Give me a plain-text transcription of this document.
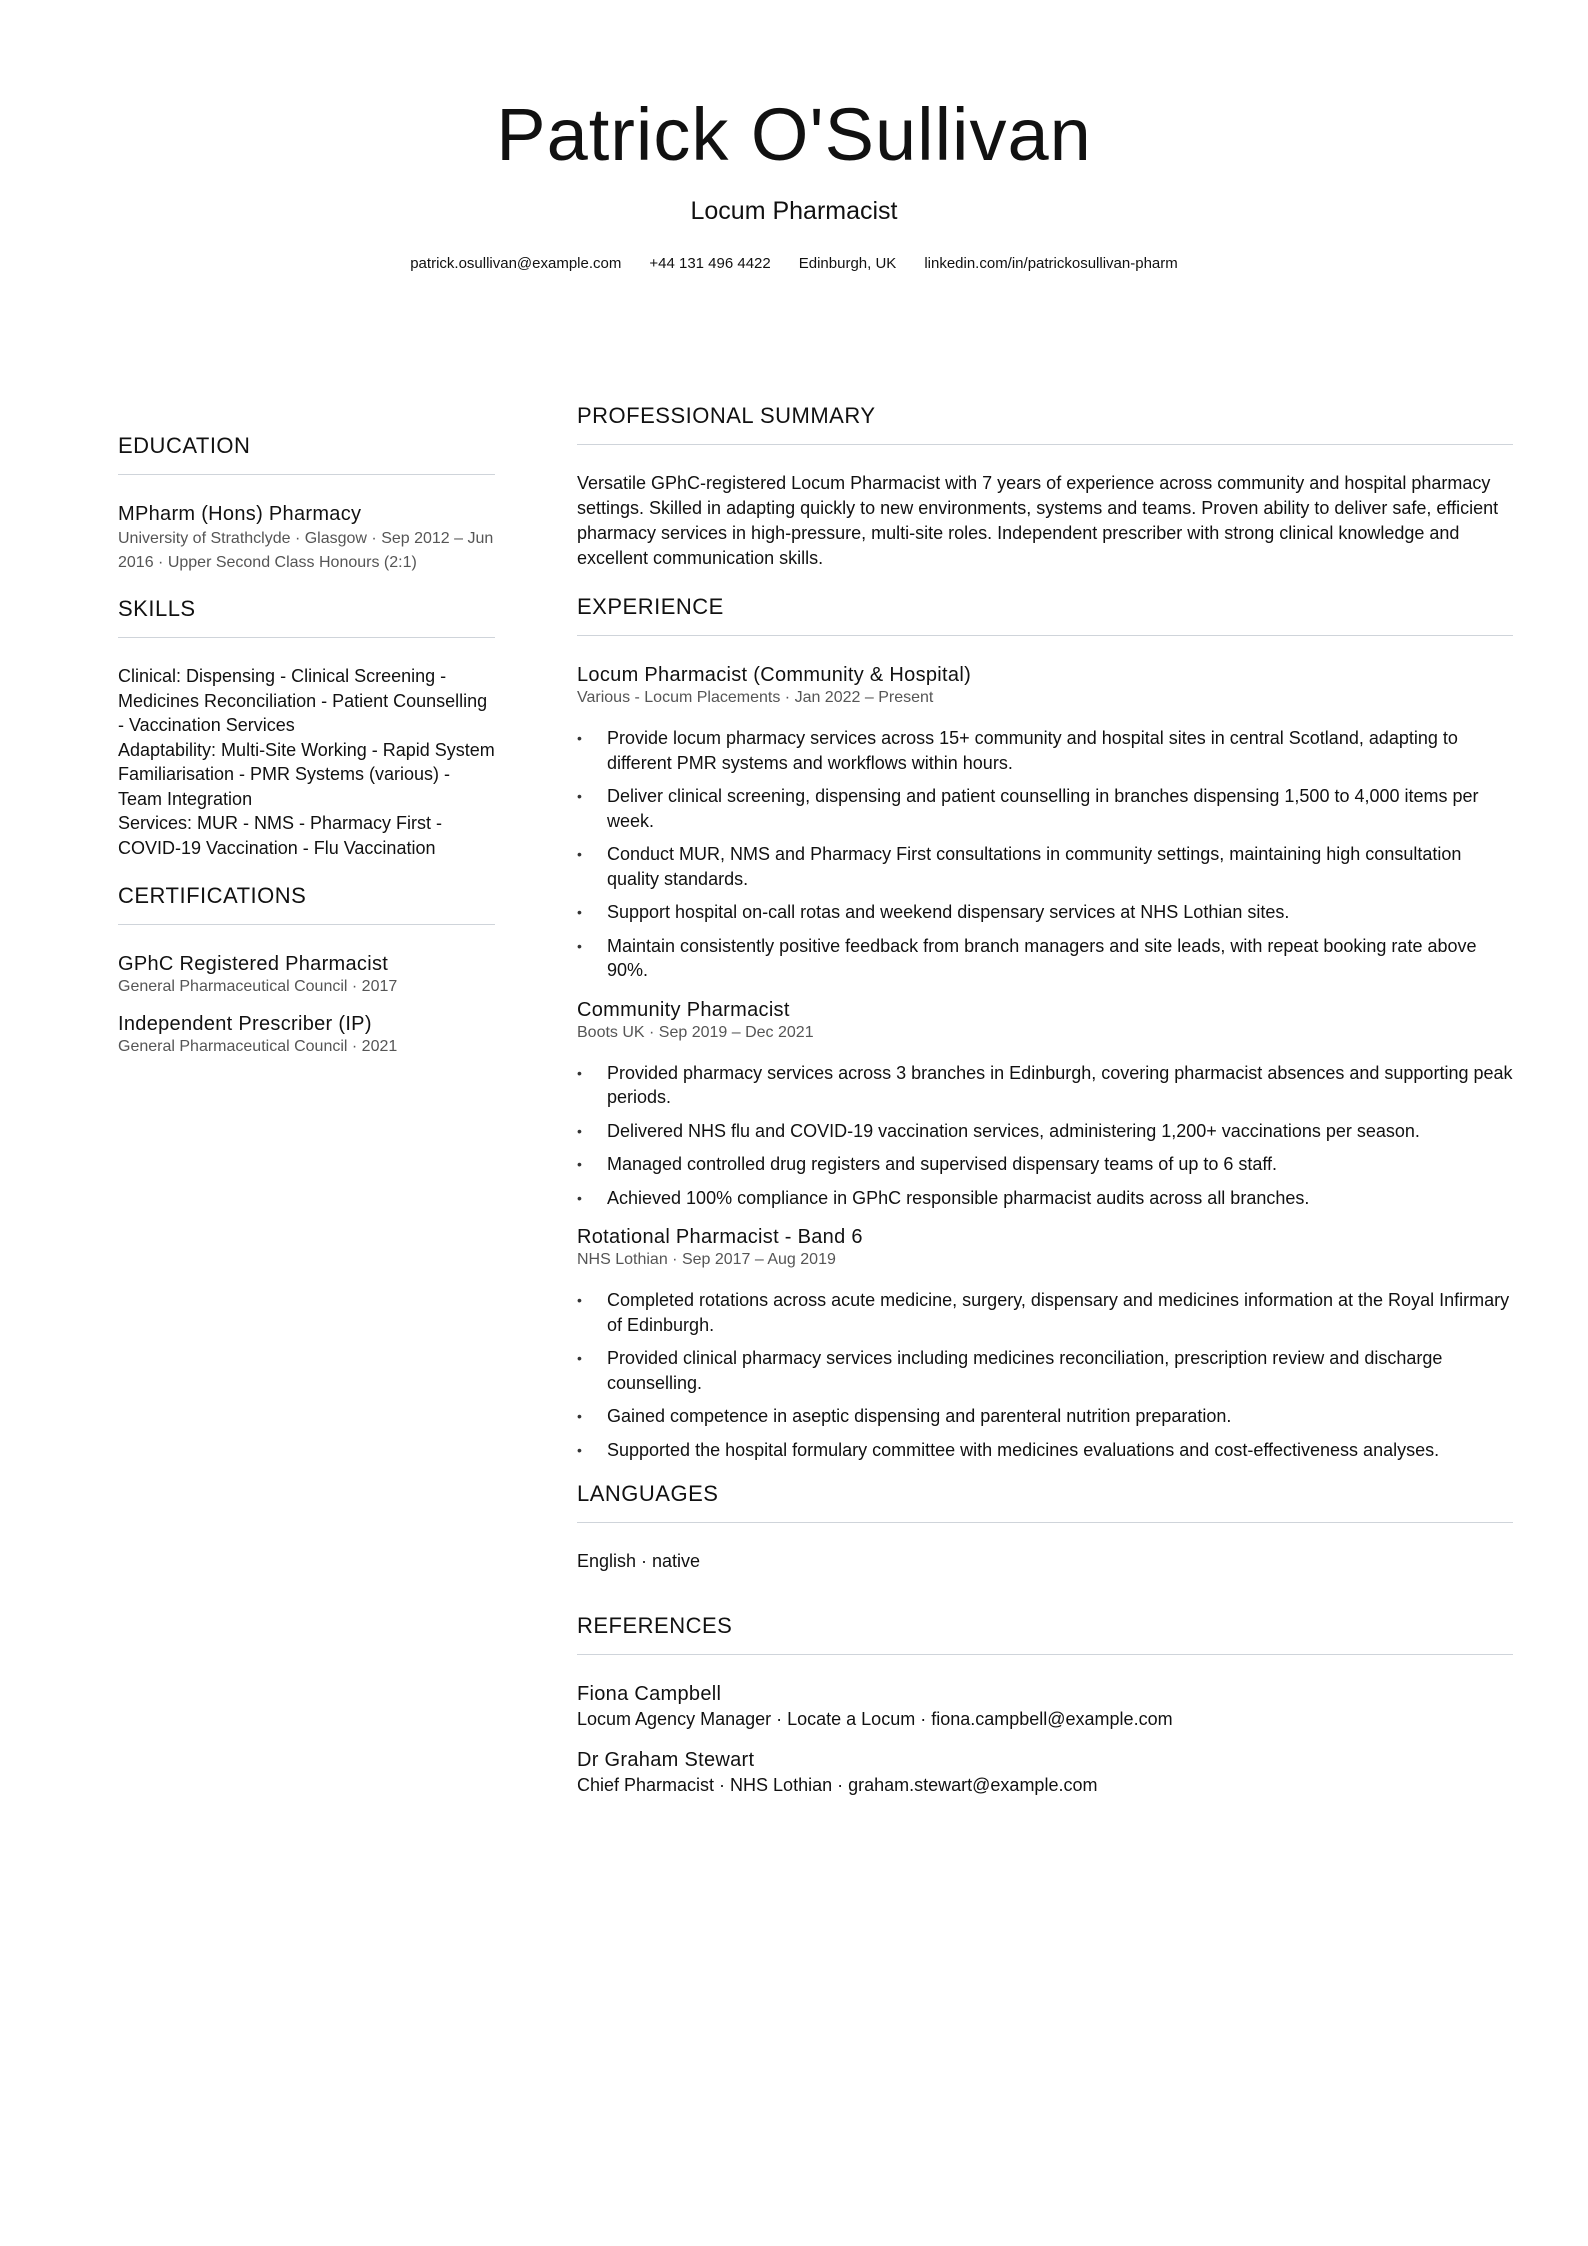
Patrick O'Sullivan
Locum Pharmacist
patrick.osullivan@example.com +44 131 496 4422 Edinburgh, UK linkedin.com/in/patrickosullivan-pharm
EDUCATION
MPharm (Hons) Pharmacy
University of Strathclyde · Glasgow · Sep 2012 – Jun 2016 · Upper Second Class Honours (2:1)
SKILLS
Clinical: Dispensing - Clinical Screening - Medicines Reconciliation - Patient Counselling - Vaccination Services
Adaptability: Multi-Site Working - Rapid System Familiarisation - PMR Systems (various) - Team Integration
Services: MUR - NMS - Pharmacy First - COVID-19 Vaccination - Flu Vaccination
CERTIFICATIONS
GPhC Registered Pharmacist
General Pharmaceutical Council · 2017
Independent Prescriber (IP)
General Pharmaceutical Council · 2021
PROFESSIONAL SUMMARY
Versatile GPhC-registered Locum Pharmacist with 7 years of experience across community and hospital pharmacy settings. Skilled in adapting quickly to new environments, systems and teams. Proven ability to deliver safe, efficient pharmacy services in high-pressure, multi-site roles. Independent prescriber with strong clinical knowledge and excellent communication skills.
EXPERIENCE
Locum Pharmacist (Community & Hospital)
Various - Locum Placements · Jan 2022 – Present
• Provide locum pharmacy services across 15+ community and hospital sites in central Scotland, adapting to different PMR systems and workflows within hours.
• Deliver clinical screening, dispensing and patient counselling in branches dispensing 1,500 to 4,000 items per week.
• Conduct MUR, NMS and Pharmacy First consultations in community settings, maintaining high consultation quality standards.
• Support hospital on-call rotas and weekend dispensary services at NHS Lothian sites.
• Maintain consistently positive feedback from branch managers and site leads, with repeat booking rate above 90%.
Community Pharmacist
Boots UK · Sep 2019 – Dec 2021
• Provided pharmacy services across 3 branches in Edinburgh, covering pharmacist absences and supporting peak periods.
• Delivered NHS flu and COVID-19 vaccination services, administering 1,200+ vaccinations per season.
• Managed controlled drug registers and supervised dispensary teams of up to 6 staff.
• Achieved 100% compliance in GPhC responsible pharmacist audits across all branches.
Rotational Pharmacist - Band 6
NHS Lothian · Sep 2017 – Aug 2019
• Completed rotations across acute medicine, surgery, dispensary and medicines information at the Royal Infirmary of Edinburgh.
• Provided clinical pharmacy services including medicines reconciliation, prescription review and discharge counselling.
• Gained competence in aseptic dispensing and parenteral nutrition preparation.
• Supported the hospital formulary committee with medicines evaluations and cost-effectiveness analyses.
LANGUAGES
English · native
REFERENCES
Fiona Campbell
Locum Agency Manager · Locate a Locum · fiona.campbell@example.com
Dr Graham Stewart
Chief Pharmacist · NHS Lothian · graham.stewart@example.com
